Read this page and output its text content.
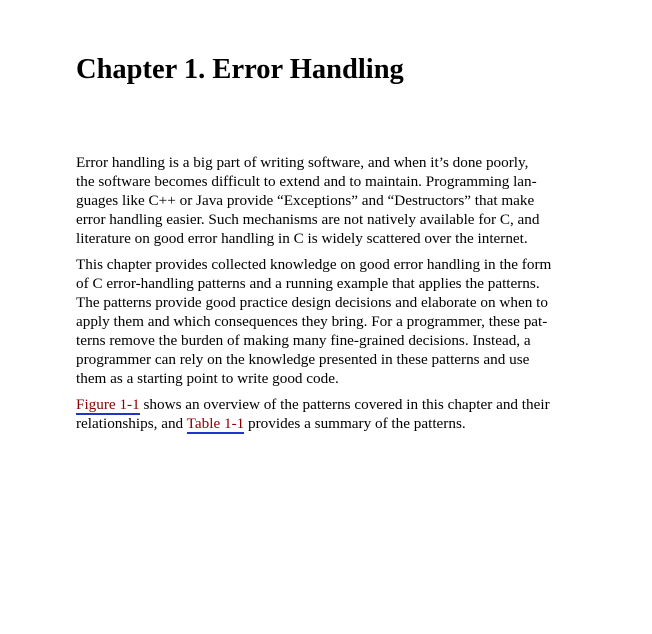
Chapter 1. Error Handling

Error handling is a big part of writing software, and when it’s done poorly,
the software becomes difficult to extend and to maintain. Programming lan‐
guages like C++ or Java provide “Exceptions” and “Destructors” that make
error handling easier. Such mechanisms are not natively available for C, and
literature on good error handling in C is widely scattered over the internet.

This chapter provides collected knowledge on good error handling in the form
of C error-handling patterns and a running example that applies the patterns.
The patterns provide good practice design decisions and elaborate on when to
apply them and which consequences they bring. For a programmer, these pat‐
terns remove the burden of making many fine-grained decisions. Instead, a
programmer can rely on the knowledge presented in these patterns and use
them as a starting point to write good code.

Figure 1-1 shows an overview of the patterns covered in this chapter and their
relationships, and Table 1-1 provides a summary of the patterns.
